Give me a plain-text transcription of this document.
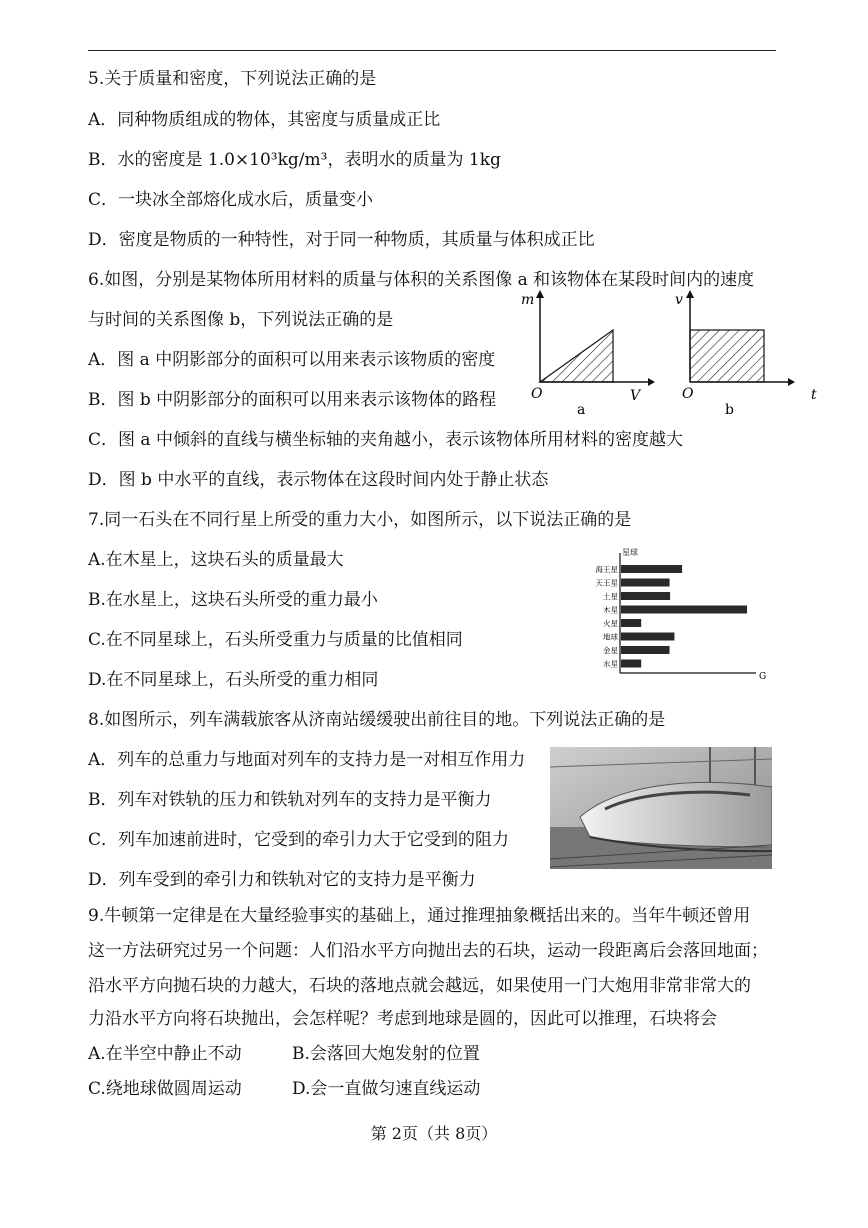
5.关于质量和密度，下列说法正确的是
A．同种物质组成的物体，其密度与质量成正比
B．水的密度是 1.0×10³kg/m³，表明水的质量为 1kg
C．一块冰全部熔化成水后，质量变小
D．密度是物质的一种特性，对于同一种物质，其质量与体积成正比
6.如图，分别是某物体所用材料的质量与体积的关系图像 a 和该物体在某段时间内的速度
与时间的关系图像 b，下列说法正确的是
A．图 a 中阴影部分的面积可以用来表示该物质的密度
B．图 b 中阴影部分的面积可以用来表示该物体的路程
C．图 a 中倾斜的直线与横坐标轴的夹角越小，表示该物体所用材料的密度越大
D．图 b 中水平的直线，表示物体在这段时间内处于静止状态
m
O	V
a
v
O	t
b
7.同一石头在不同行星上所受的重力大小，如图所示，以下说法正确的是
A.在木星上，这块石头的质量最大
B.在水星上，这块石头所受的重力最小
C.在不同星球上，石头所受重力与质量的比值相同
D.在不同星球上，石头所受的重力相同
星球
G
海王星
天王星
土星
木星
火星
地球
金星
水星
8.如图所示，列车满载旅客从济南站缓缓驶出前往目的地。下列说法正确的是
A．列车的总重力与地面对列车的支持力是一对相互作用力
B．列车对铁轨的压力和铁轨对列车的支持力是平衡力
C．列车加速前进时，它受到的牵引力大于它受到的阻力
D．列车受到的牵引力和铁轨对它的支持力是平衡力
9.牛顿第一定律是在大量经验事实的基础上，通过推理抽象概括出来的。当年牛顿还曾用
这一方法研究过另一个问题：人们沿水平方向抛出去的石块，运动一段距离后会落回地面；
沿水平方向抛石块的力越大，石块的落地点就会越远，如果使用一门大炮用非常非常大的
力沿水平方向将石块抛出，会怎样呢？考虑到地球是圆的，因此可以推理，石块将会
A.在半空中静止不动	B.会落回大炮发射的位置
C.绕地球做圆周运动	D.会一直做匀速直线运动
第 2页（共 8页）
